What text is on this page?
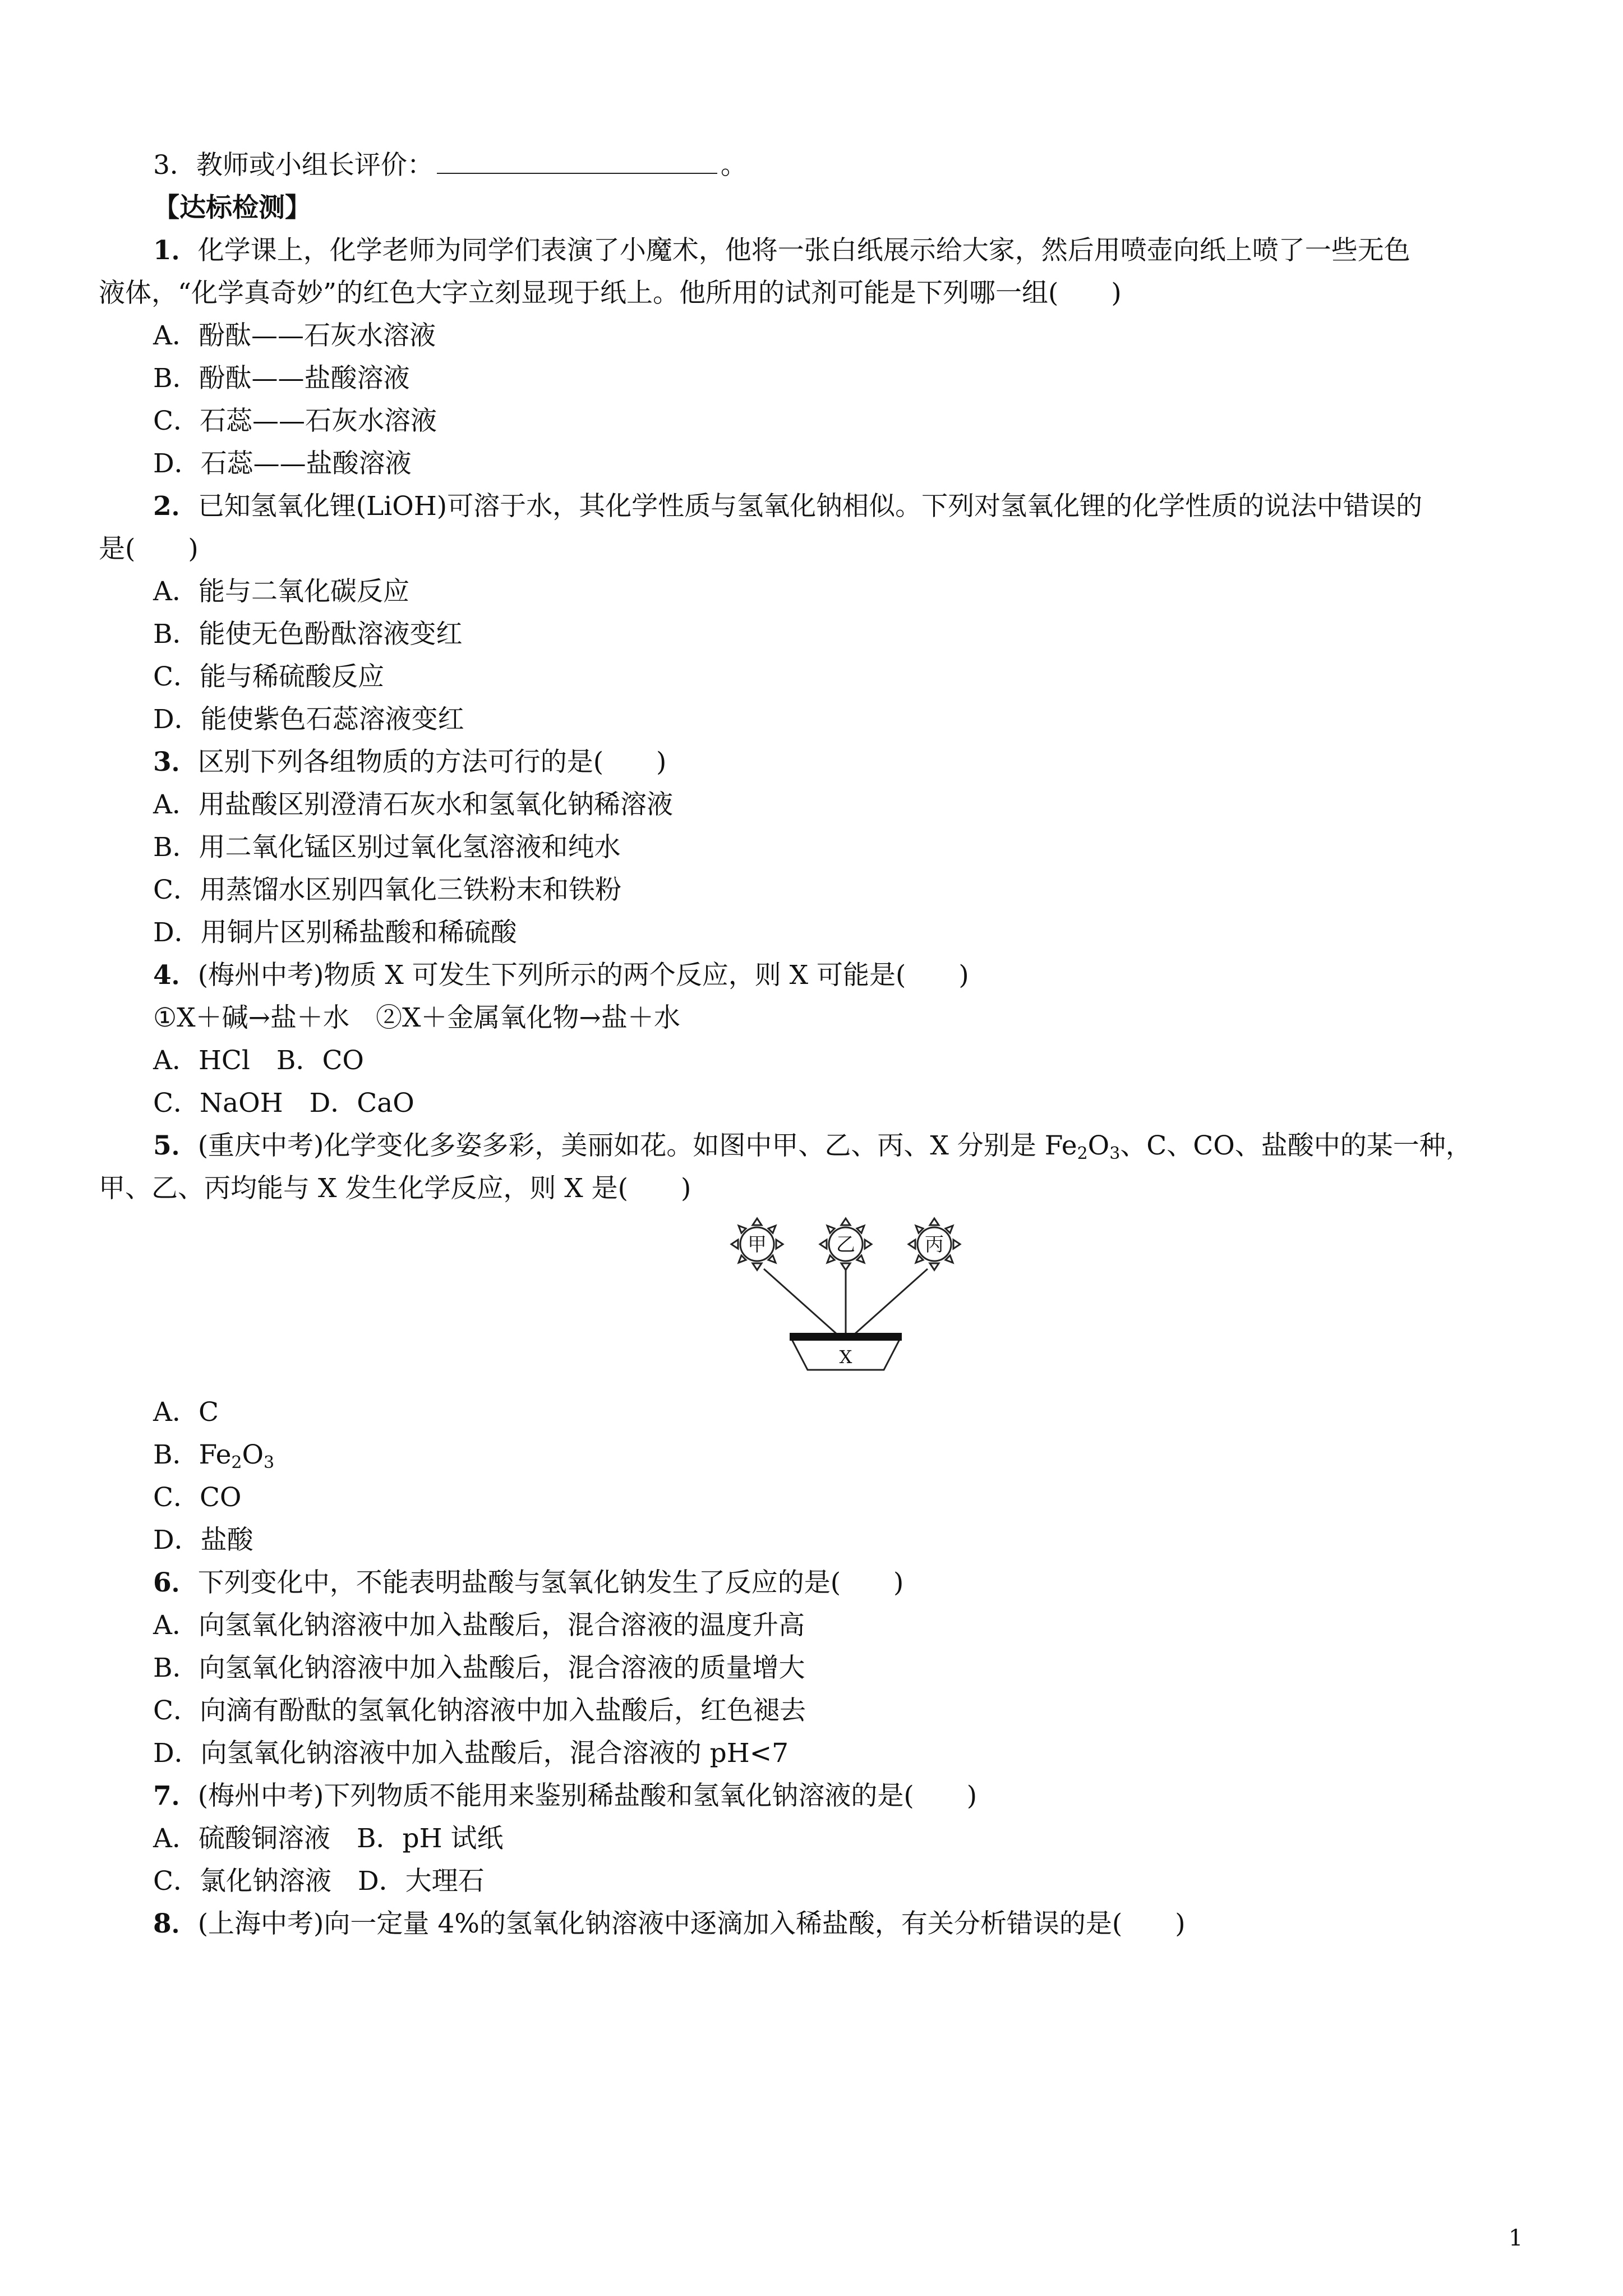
3．教师或小组长评价：	。
【达标检测】
1．化学课上，化学老师为同学们表演了小魔术，他将一张白纸展示给大家，然后用喷壶向纸上喷了一些无色
液体，“化学真奇妙”的红色大字立刻显现于纸上。他所用的试剂可能是下列哪一组(　　)
A．酚酞——石灰水溶液
B．酚酞——盐酸溶液
C．石蕊——石灰水溶液
D．石蕊——盐酸溶液
2．已知氢氧化锂(LiOH)可溶于水，其化学性质与氢氧化钠相似。下列对氢氧化锂的化学性质的说法中错误的
是(　　)
A．能与二氧化碳反应
B．能使无色酚酞溶液变红
C．能与稀硫酸反应
D．能使紫色石蕊溶液变红
3．区别下列各组物质的方法可行的是(　　)
A．用盐酸区别澄清石灰水和氢氧化钠稀溶液
B．用二氧化锰区别过氧化氢溶液和纯水
C．用蒸馏水区别四氧化三铁粉末和铁粉
D．用铜片区别稀盐酸和稀硫酸
4．(梅州中考)物质 X 可发生下列所示的两个反应，则 X 可能是(　　)
①X＋碱→盐＋水　②X＋金属氧化物→盐＋水
A．HCl　B．CO
C．NaOH　D．CaO
5．(重庆中考)化学变化多姿多彩，美丽如花。如图中甲、乙、丙、X 分别是 $Fe_2O_3$、C、CO、盐酸中的某一种，
甲、乙、丙均能与 X 发生化学反应，则 X 是(　　)
甲	乙	丙
X
A．C
B．$Fe_2O_3$
C．CO
D．盐酸
6．下列变化中，不能表明盐酸与氢氧化钠发生了反应的是(　　)
A．向氢氧化钠溶液中加入盐酸后，混合溶液的温度升高
B．向氢氧化钠溶液中加入盐酸后，混合溶液的质量增大
C．向滴有酚酞的氢氧化钠溶液中加入盐酸后，红色褪去
D．向氢氧化钠溶液中加入盐酸后，混合溶液的 pH<7
7．(梅州中考)下列物质不能用来鉴别稀盐酸和氢氧化钠溶液的是(　　)
A．硫酸铜溶液　B．pH 试纸
C．氯化钠溶液　D．大理石
8．(上海中考)向一定量 4%的氢氧化钠溶液中逐滴加入稀盐酸，有关分析错误的是(　　)
1
